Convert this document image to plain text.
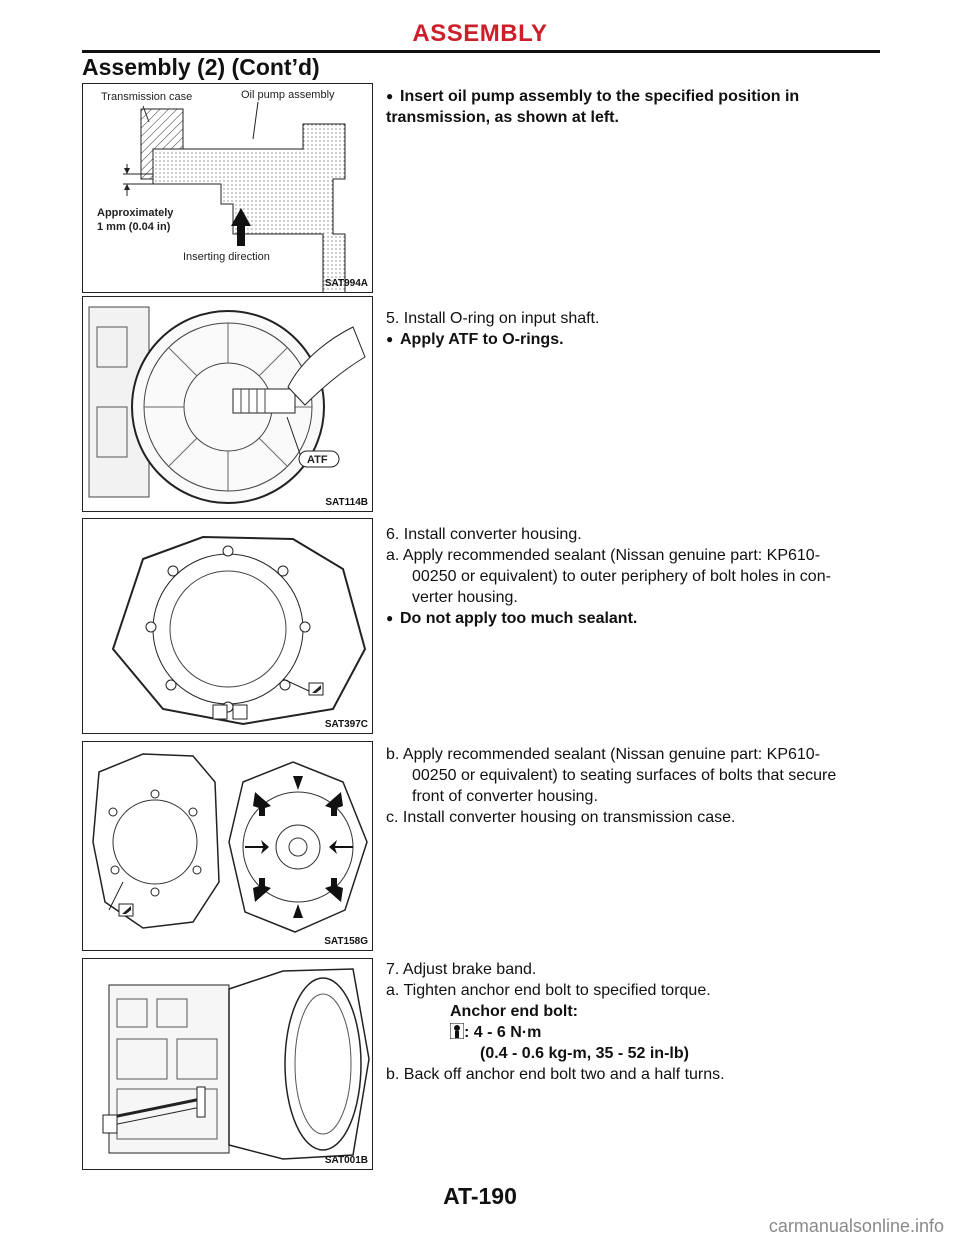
ASSEMBLY
Assembly (2) (Cont’d)
Transmission case	Oil pump assembly
Approximately
1 mm (0.04 in)
Inserting direction
SAT994A

● Insert oil pump assembly to the specified position in transmission, as shown at left.

ATF
SAT114B

5. Install O-ring on input shaft.

● Apply ATF to O-rings.

SAT397C

6. Install converter housing.

a. Apply recommended sealant (Nissan genuine part: KP610-

00250 or equivalent) to outer periphery of bolt holes in con-

verter housing.

● Do not apply too much sealant.

SAT158G

b. Apply recommended sealant (Nissan genuine part: KP610-

00250 or equivalent) to seating surfaces of bolts that secure

front of converter housing.

c. Install converter housing on transmission case.

SAT001B

7. Adjust brake band.

a. Tighten anchor end bolt to specified torque.

Anchor end bolt:

: 4 - 6 N·m

(0.4 - 0.6 kg-m, 35 - 52 in-lb)

b. Back off anchor end bolt two and a half turns.

AT-190
carmanualsonline.info
